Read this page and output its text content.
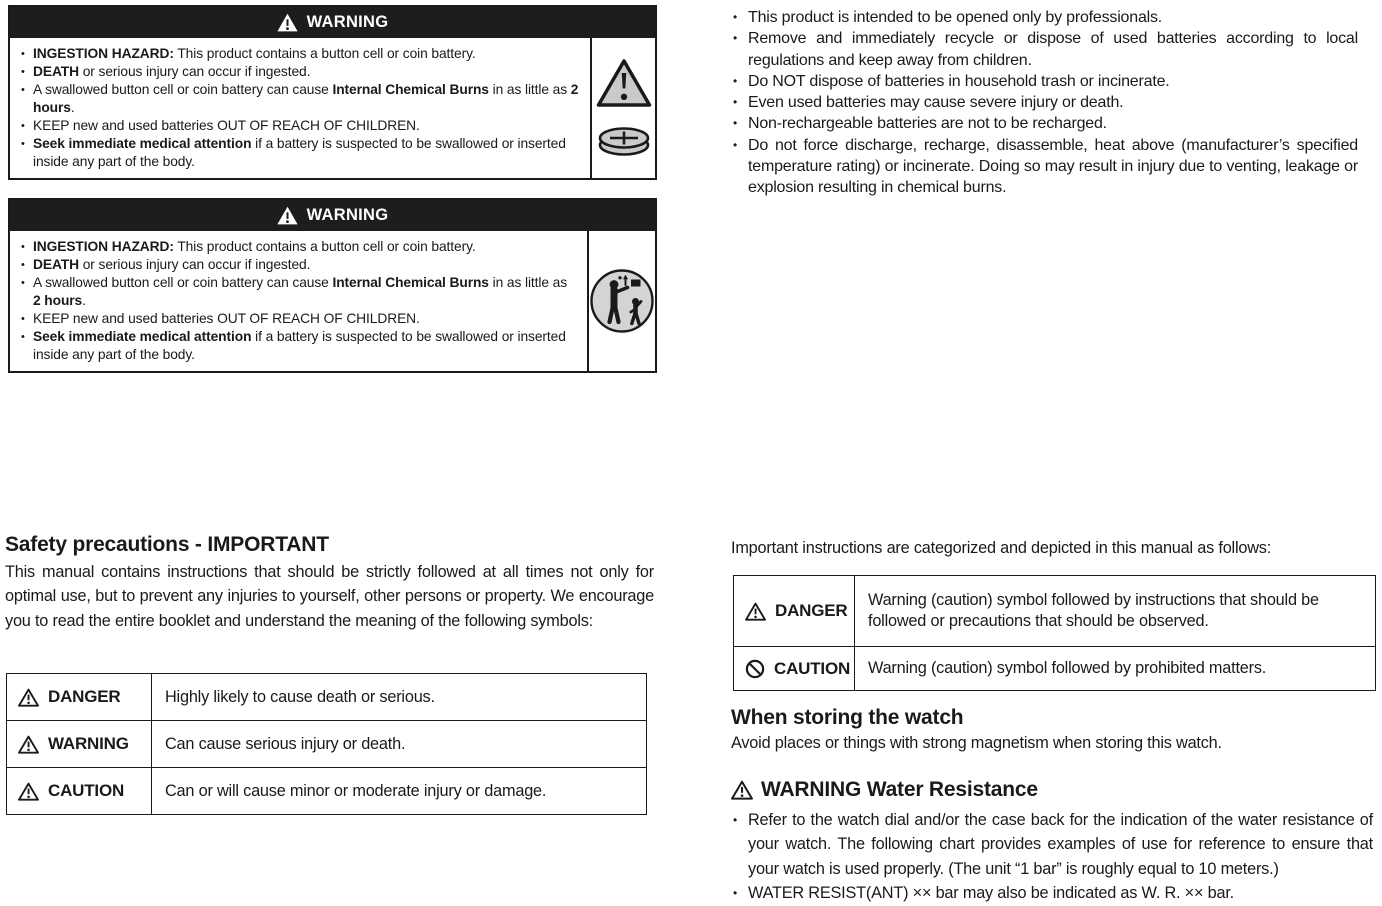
WARNING
• INGESTION HAZARD: This product contains a button cell or coin battery.
• DEATH or serious injury can occur if ingested.
• A swallowed button cell or coin battery can cause Internal Chemical Burns in as little as 2 hours.
• KEEP new and used batteries OUT OF REACH OF CHILDREN.
• Seek immediate medical attention if a battery is suspected to be swallowed or inserted inside any part of the body.
WARNING
• INGESTION HAZARD: This product contains a button cell or coin battery.
• DEATH or serious injury can occur if ingested.
• A swallowed button cell or coin battery can cause Internal Chemical Burns in as little as 2 hours.
• KEEP new and used batteries OUT OF REACH OF CHILDREN.
• Seek immediate medical attention if a battery is suspected to be swallowed or inserted inside any part of the body.
• This product is intended to be opened only by professionals.
• Remove and immediately recycle or dispose of used batteries according to local regulations and keep away from children.
• Do NOT dispose of batteries in household trash or incinerate.
• Even used batteries may cause severe injury or death.
• Non-rechargeable batteries are not to be recharged.
• Do not force discharge, recharge, disassemble, heat above (manufacturer’s specified temperature rating) or incinerate. Doing so may result in injury due to venting, leakage or explosion resulting in chemical burns.
Safety precautions - IMPORTANT

This manual contains instructions that should be strictly followed at all times not only for optimal use, but to prevent any injuries to yourself, other persons or property. We encourage you to read the entire booklet and understand the meaning of the following symbols:

DANGER	Highly likely to cause death or serious.

WARNING	Can cause serious injury or death.

CAUTION	Can or will cause minor or moderate injury or damage.

Important instructions are categorized and depicted in this manual as follows:

DANGER	Warning (caution) symbol followed by instructions that should be followed or precautions that should be observed.

CAUTION	Warning (caution) symbol followed by prohibited matters.
When storing the watch

Avoid places or things with strong magnetism when storing this watch.

WARNING Water Resistance
• Refer to the watch dial and/or the case back for the indication of the water resistance of your watch. The following chart provides examples of use for reference to ensure that your watch is used properly. (The unit “1 bar” is roughly equal to 10 meters.)
• WATER RESIST(ANT) ×× bar may also be indicated as W. R. ×× bar.
